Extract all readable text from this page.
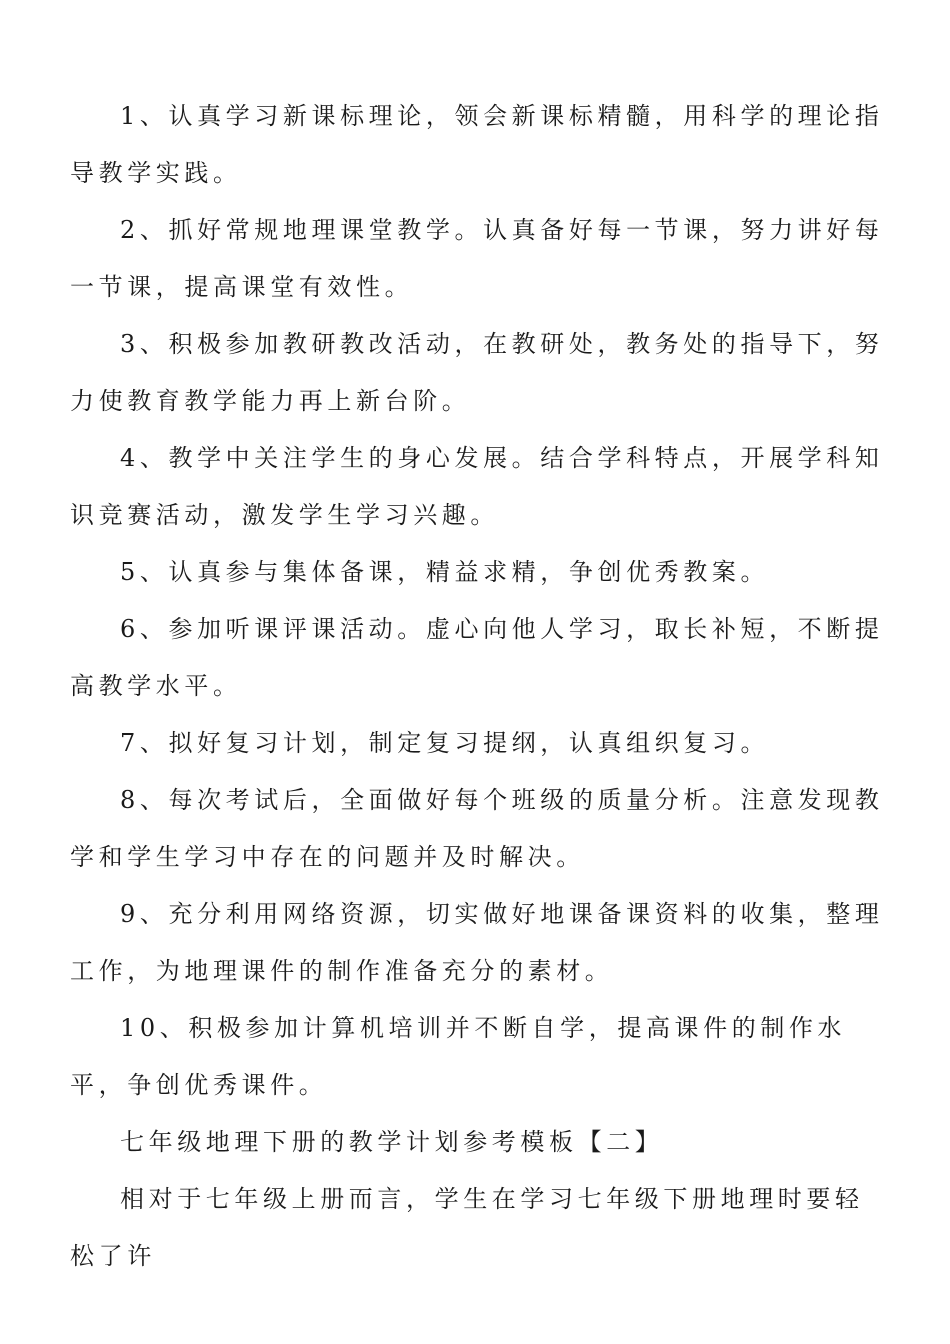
1、认真学习新课标理论，领会新课标精髓，用科学的理论指导教学实践。

2、抓好常规地理课堂教学。认真备好每一节课，努力讲好每一节课，提高课堂有效性。

3、积极参加教研教改活动，在教研处，教务处的指导下，努力使教育教学能力再上新台阶。

4、教学中关注学生的身心发展。结合学科特点，开展学科知识竞赛活动，激发学生学习兴趣。

5、认真参与集体备课，精益求精，争创优秀教案。

6、参加听课评课活动。虚心向他人学习，取长补短，不断提高教学水平。

7、拟好复习计划，制定复习提纲，认真组织复习。

8、每次考试后，全面做好每个班级的质量分析。注意发现教学和学生学习中存在的问题并及时解决。

9、充分利用网络资源，切实做好地课备课资料的收集，整理工作，为地理课件的制作准备充分的素材。

10、积极参加计算机培训并不断自学，提高课件的制作水平，争创优秀课件。

七年级地理下册的教学计划参考模板【二】

相对于七年级上册而言，学生在学习七年级下册地理时要轻松了许
